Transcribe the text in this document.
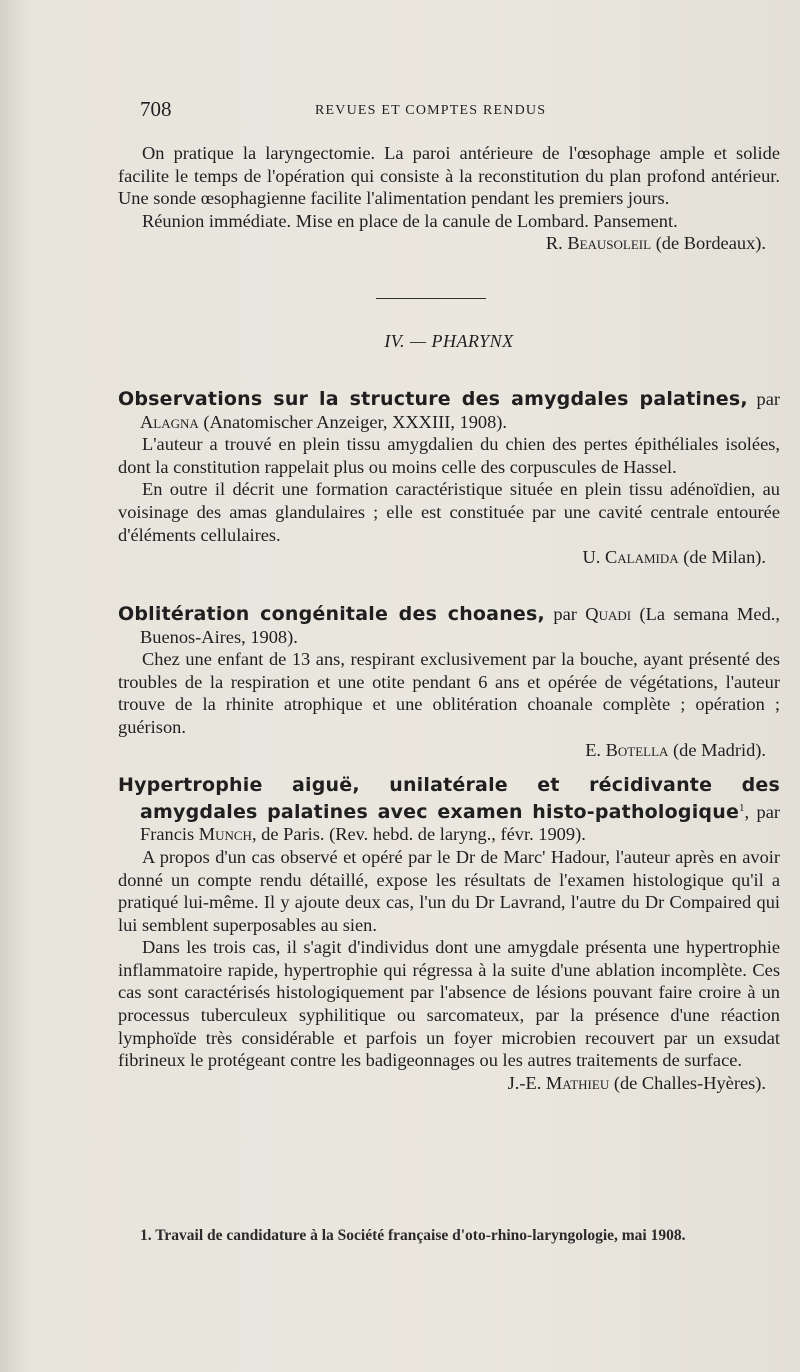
708	REVUES ET COMPTES RENDUS

On pratique la laryngectomie. La paroi antérieure de l'œsophage ample et solide facilite le temps de l'opération qui consiste à la reconstitution du plan profond antérieur. Une sonde œsophagienne facilite l'alimentation pendant les premiers jours.

Réunion immédiate. Mise en place de la canule de Lombard. Pansement.
R. Beausoleil (de Bordeaux).

IV. — PHARYNX

Observations sur la structure des amygdales palatines, par Alagna (Anatomischer Anzeiger, XXXIII, 1908).

L'auteur a trouvé en plein tissu amygdalien du chien des pertes épithéliales isolées, dont la constitution rappelait plus ou moins celle des corpuscules de Hassel.

En outre il décrit une formation caractéristique située en plein tissu adénoïdien, au voisinage des amas glandulaires ; elle est constituée par une cavité centrale entourée d'éléments cellulaires.

U. Calamida (de Milan).

Oblitération congénitale des choanes, par Quadi (La semana Med., Buenos-Aires, 1908).

Chez une enfant de 13 ans, respirant exclusivement par la bouche, ayant présenté des troubles de la respiration et une otite pendant 6 ans et opérée de végétations, l'auteur trouve de la rhinite atrophique et une oblitération choanale complète ; opération ; guérison.

E. Botella (de Madrid).

Hypertrophie aiguë, unilatérale et récidivante des amygdales palatines avec examen histo-pathologique$^1$, par Francis Munch, de Paris. (Rev. hebd. de laryng., févr. 1909).

A propos d'un cas observé et opéré par le Dr de Marc' Hadour, l'auteur après en avoir donné un compte rendu détaillé, expose les résultats de l'examen histologique qu'il a pratiqué lui-même. Il y ajoute deux cas, l'un du Dr Lavrand, l'autre du Dr Compaired qui lui semblent superposables au sien.

Dans les trois cas, il s'agit d'individus dont une amygdale présenta une hypertrophie inflammatoire rapide, hypertrophie qui régressa à la suite d'une ablation incomplète. Ces cas sont caractérisés histologiquement par l'absence de lésions pouvant faire croire à un processus tuberculeux syphilitique ou sarcomateux, par la présence d'une réaction lymphoïde très considérable et parfois un foyer microbien recouvert par un exsudat fibrineux le protégeant contre les badigeonnages ou les autres traitements de surface.

J.-E. Mathieu (de Challes-Hyères).

1. Travail de candidature à la Société française d'oto-rhino-laryngologie, mai 1908.
